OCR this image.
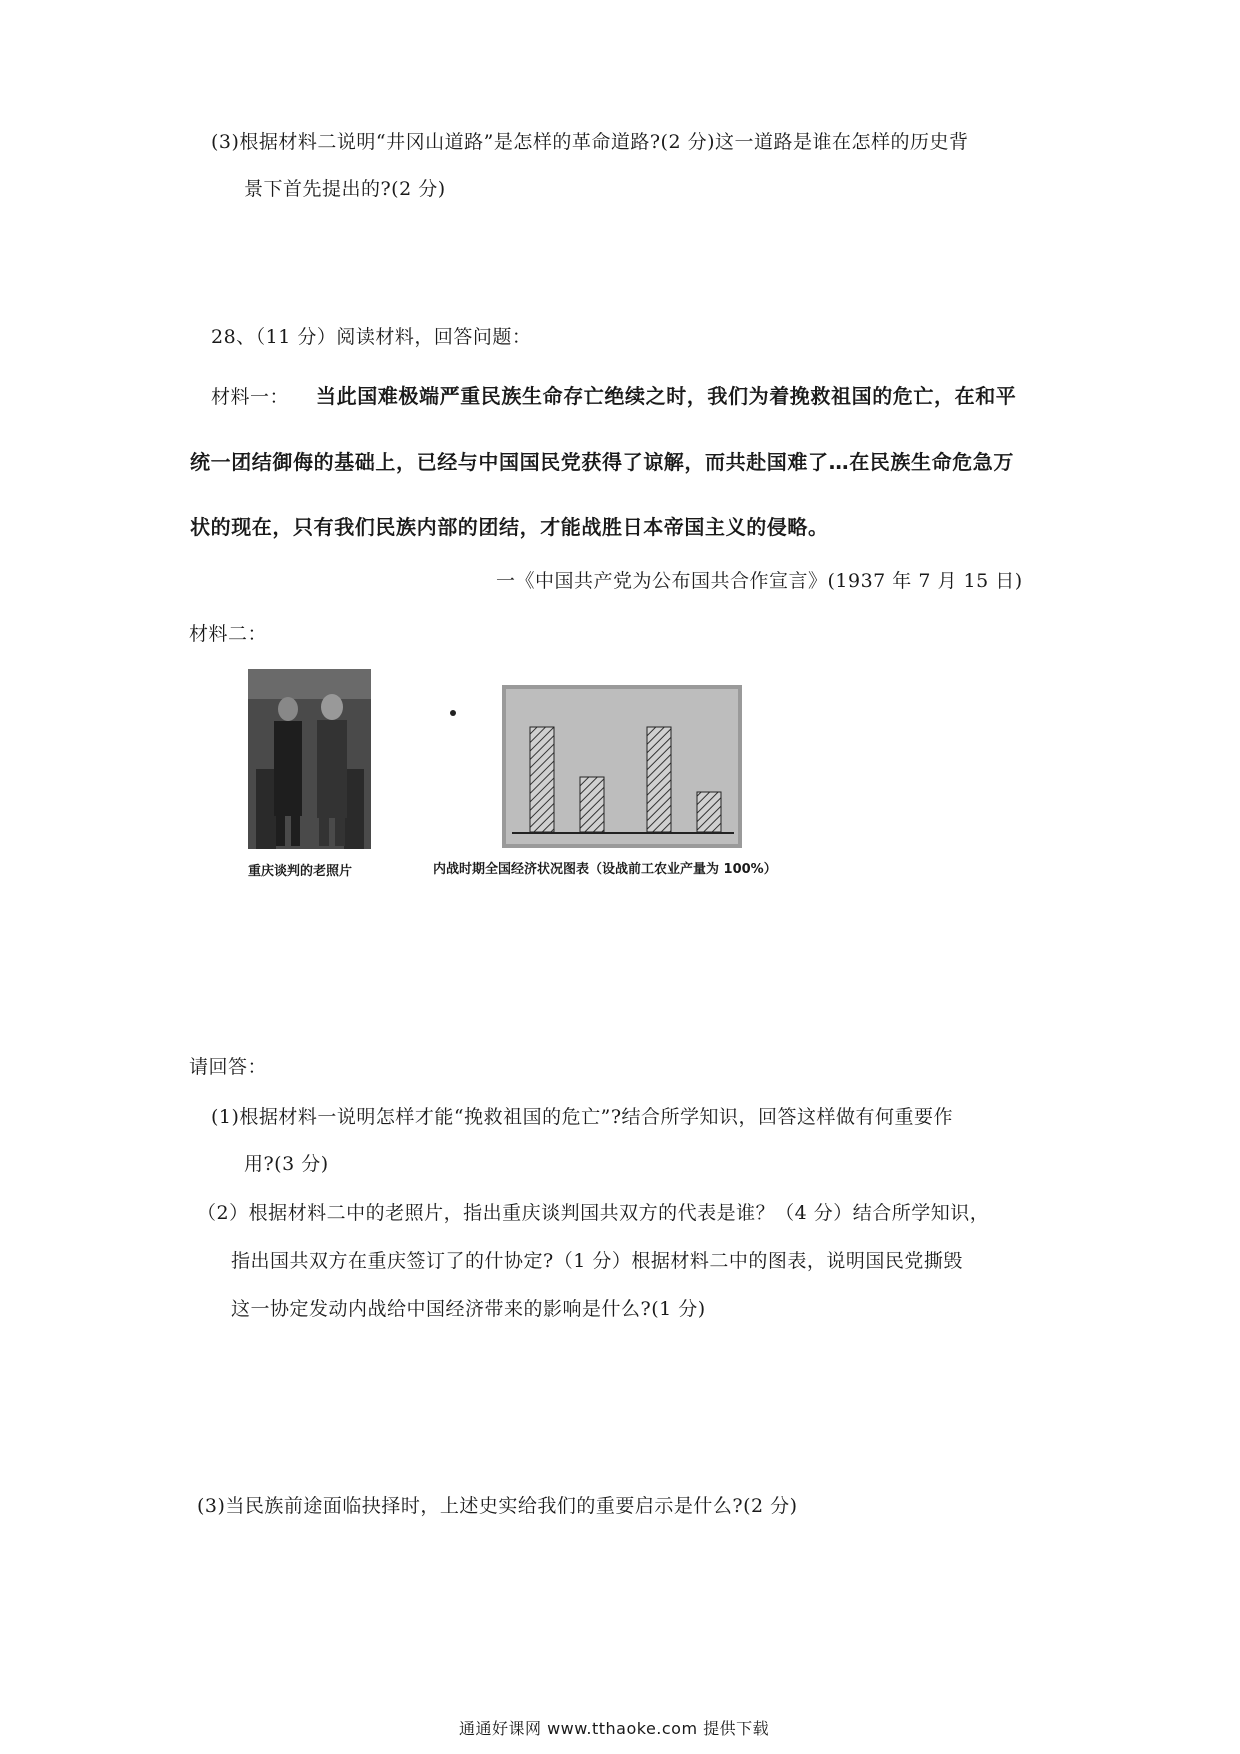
(3)根据材料二说明“井冈山道路”是怎样的革命道路?(2 分)这一道路是谁在怎样的历史背
景下首先提出的?(2 分)
28、（11 分）阅读材料，回答问题：
材料一： 当此国难极端严重民族生命存亡绝续之时，我们为着挽救祖国的危亡，在和平
统一团结御侮的基础上，已经与中国国民党获得了谅解，而共赴国难了…在民族生命危急万
状的现在，只有我们民族内部的团结，才能战胜日本帝国主义的侵略。
一《中国共产党为公布国共合作宣言》(1937 年 7 月 15 日)
材料二：
重庆谈判的老照片	内战时期全国经济状况图表（设战前工农业产量为 100%）
请回答：
(1)根据材料一说明怎样才能“挽救祖国的危亡”?结合所学知识，回答这样做有何重要作
用?(3 分)
（2）根据材料二中的老照片，指出重庆谈判国共双方的代表是谁？（4 分）结合所学知识，
指出国共双方在重庆签订了的什协定?（1 分）根据材料二中的图表，说明国民党撕毁
这一协定发动内战给中国经济带来的影响是什么?(1 分)
(3)当民族前途面临抉择时，上述史实给我们的重要启示是什么?(2 分)
通通好课网 www.tthaoke.com 提供下载
